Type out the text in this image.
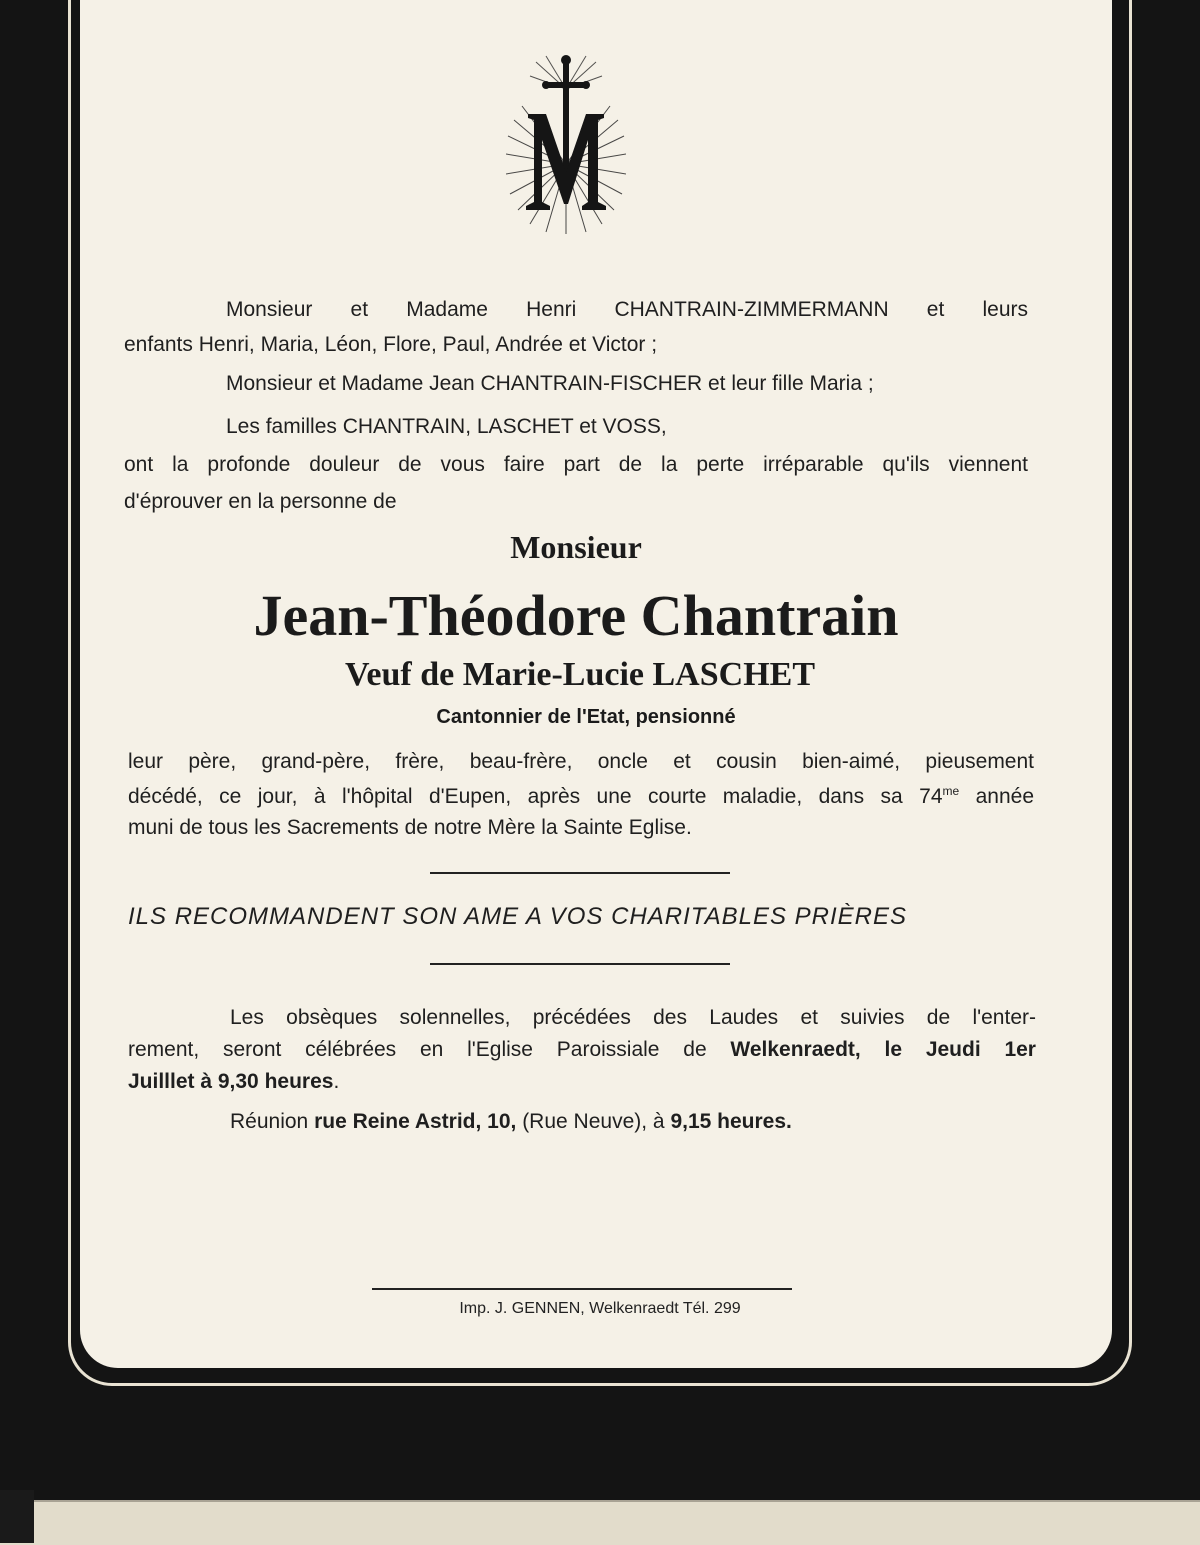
Monsieur et Madame Henri CHANTRAIN-ZIMMERMANN et leurs

enfants Henri, Maria, Léon, Flore, Paul, Andrée et Victor ;

Monsieur et Madame Jean CHANTRAIN-FISCHER et leur fille Maria ;

Les familles CHANTRAIN, LASCHET et VOSS,

ont la profonde douleur de vous faire part de la perte irréparable qu'ils viennent

d'éprouver en la personne de

Monsieur
Jean-Théodore Chantrain
Veuf de Marie-Lucie LASCHET

Cantonnier de l'Etat, pensionné

leur père, grand-père, frère, beau-frère, oncle et cousin bien-aimé, pieusement

décédé, ce jour, à l'hôpital d'Eupen, après une courte maladie, dans sa $74^{me}$ année

muni de tous les Sacrements de notre Mère la Sainte Eglise.

ILS RECOMMANDENT SON AME A VOS CHARITABLES PRIÈRES

Les obsèques solennelles, précédées des Laudes et suivies de l'enter-

rement, seront célébrées en l'Eglise Paroissiale de Welkenraedt, le Jeudi 1er

Juilllet à 9,30 heures.

Réunion rue Reine Astrid, 10, (Rue Neuve), à 9,15 heures.

Imp. J. GENNEN, Welkenraedt Tél. 299
